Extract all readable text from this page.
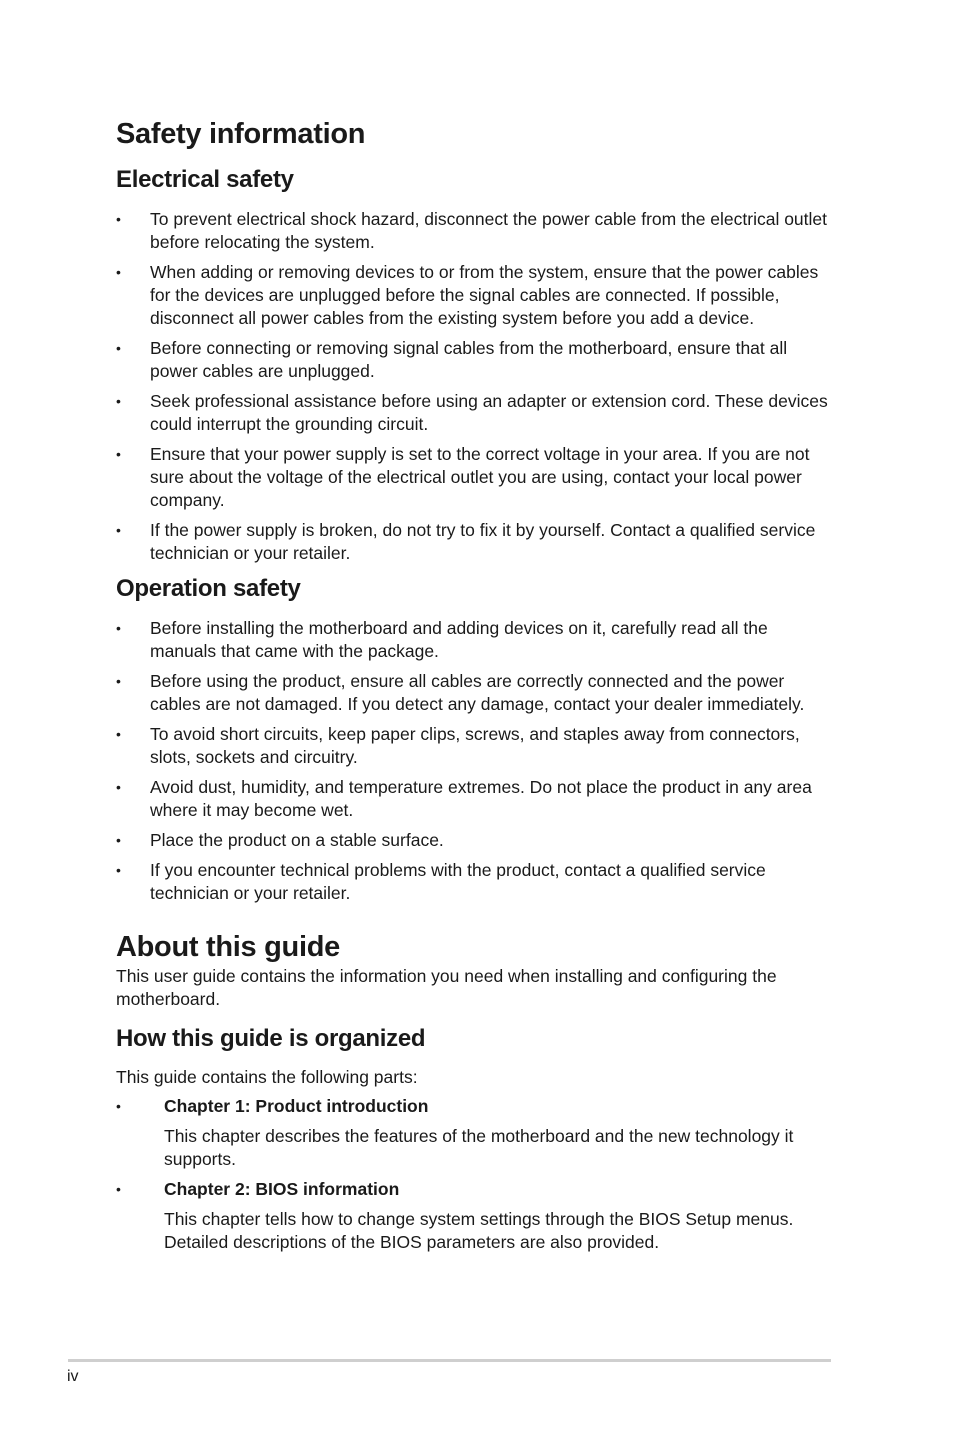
Safety information
Electrical safety
• To prevent electrical shock hazard, disconnect the power cable from the electrical outlet before relocating the system.
• When adding or removing devices to or from the system, ensure that the power cables for the devices are unplugged before the signal cables are connected. If possible, disconnect all power cables from the existing system before you add a device.
• Before connecting or removing signal cables from the motherboard, ensure that all power cables are unplugged.
• Seek professional assistance before using an adapter or extension cord. These devices could interrupt the grounding circuit.
• Ensure that your power supply is set to the correct voltage in your area. If you are not sure about the voltage of the electrical outlet you are using, contact your local power company.
• If the power supply is broken, do not try to fix it by yourself. Contact a qualified service technician or your retailer.
Operation safety
• Before installing the motherboard and adding devices on it, carefully read all the manuals that came with the package.
• Before using the product, ensure all cables are correctly connected and the power cables are not damaged. If you detect any damage, contact your dealer immediately.
• To avoid short circuits, keep paper clips, screws, and staples away from connectors, slots, sockets and circuitry.
• Avoid dust, humidity, and temperature extremes. Do not place the product in any area where it may become wet.
• Place the product on a stable surface.
• If you encounter technical problems with the product, contact a qualified service technician or your retailer.
About this guide

This user guide contains the information you need when installing and configuring the motherboard.

How this guide is organized

This guide contains the following parts:

• Chapter 1: Product introduction
This chapter describes the features of the motherboard and the new technology it supports.
• Chapter 2: BIOS information
This chapter tells how to change system settings through the BIOS Setup menus. Detailed descriptions of the BIOS parameters are also provided.
iv
